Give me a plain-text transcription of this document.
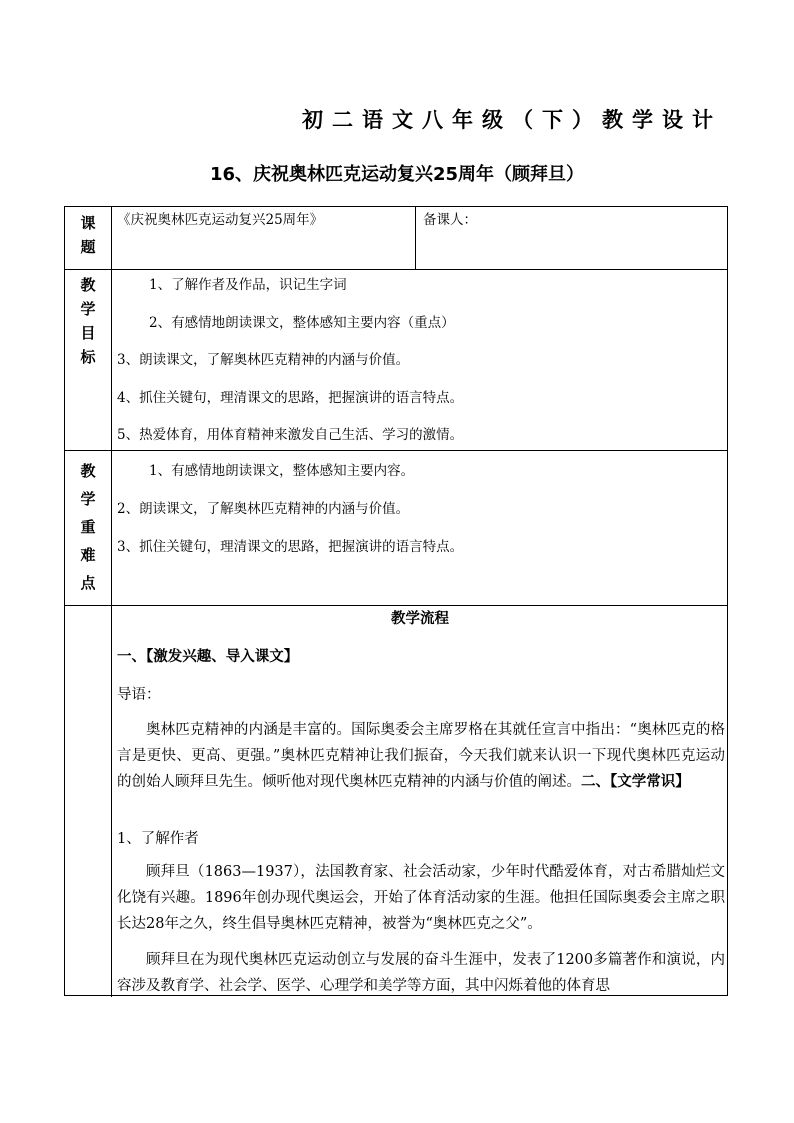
初二语文八年级（下）教学设计
16、庆祝奥林匹克运动复兴25周年（顾拜旦）
课
题
《庆祝奥林匹克运动复兴25周年》	备课人：
教
学
目
标
1、了解作者及作品，识记生字词
2、有感情地朗读课文，整体感知主要内容（重点）
3、朗读课文，了解奥林匹克精神的内涵与价值。
4、抓住关键句，理清课文的思路，把握演讲的语言特点。
5、热爱体育，用体育精神来激发自己生活、学习的激情。
教
学
重
难
点
1、有感情地朗读课文，整体感知主要内容。
2、朗读课文，了解奥林匹克精神的内涵与价值。
3、抓住关键句，理清课文的思路，把握演讲的语言特点。
教学流程
一、【激发兴趣、导入课文】
导语：
奥林匹克精神的内涵是丰富的。国际奥委会主席罗格在其就任宣言中指出：“奥林匹克的格言是更快、更高、更强。”奥林匹克精神让我们振奋，今天我们就来认识一下现代奥林匹克运动的创始人顾拜旦先生。倾听他对现代奥林匹克精神的内涵与价值的阐述。二、【文学常识】
1、了解作者
顾拜旦（1863—1937），法国教育家、社会活动家，少年时代酷爱体育，对古希腊灿烂文化饶有兴趣。1896年创办现代奥运会，开始了体育活动家的生涯。他担任国际奥委会主席之职长达28年之久，终生倡导奥林匹克精神，被誉为“奥林匹克之父”。
顾拜旦在为现代奥林匹克运动创立与发展的奋斗生涯中，发表了1200多篇著作和演说，内容涉及教育学、社会学、医学、心理学和美学等方面，其中闪烁着他的体育思
